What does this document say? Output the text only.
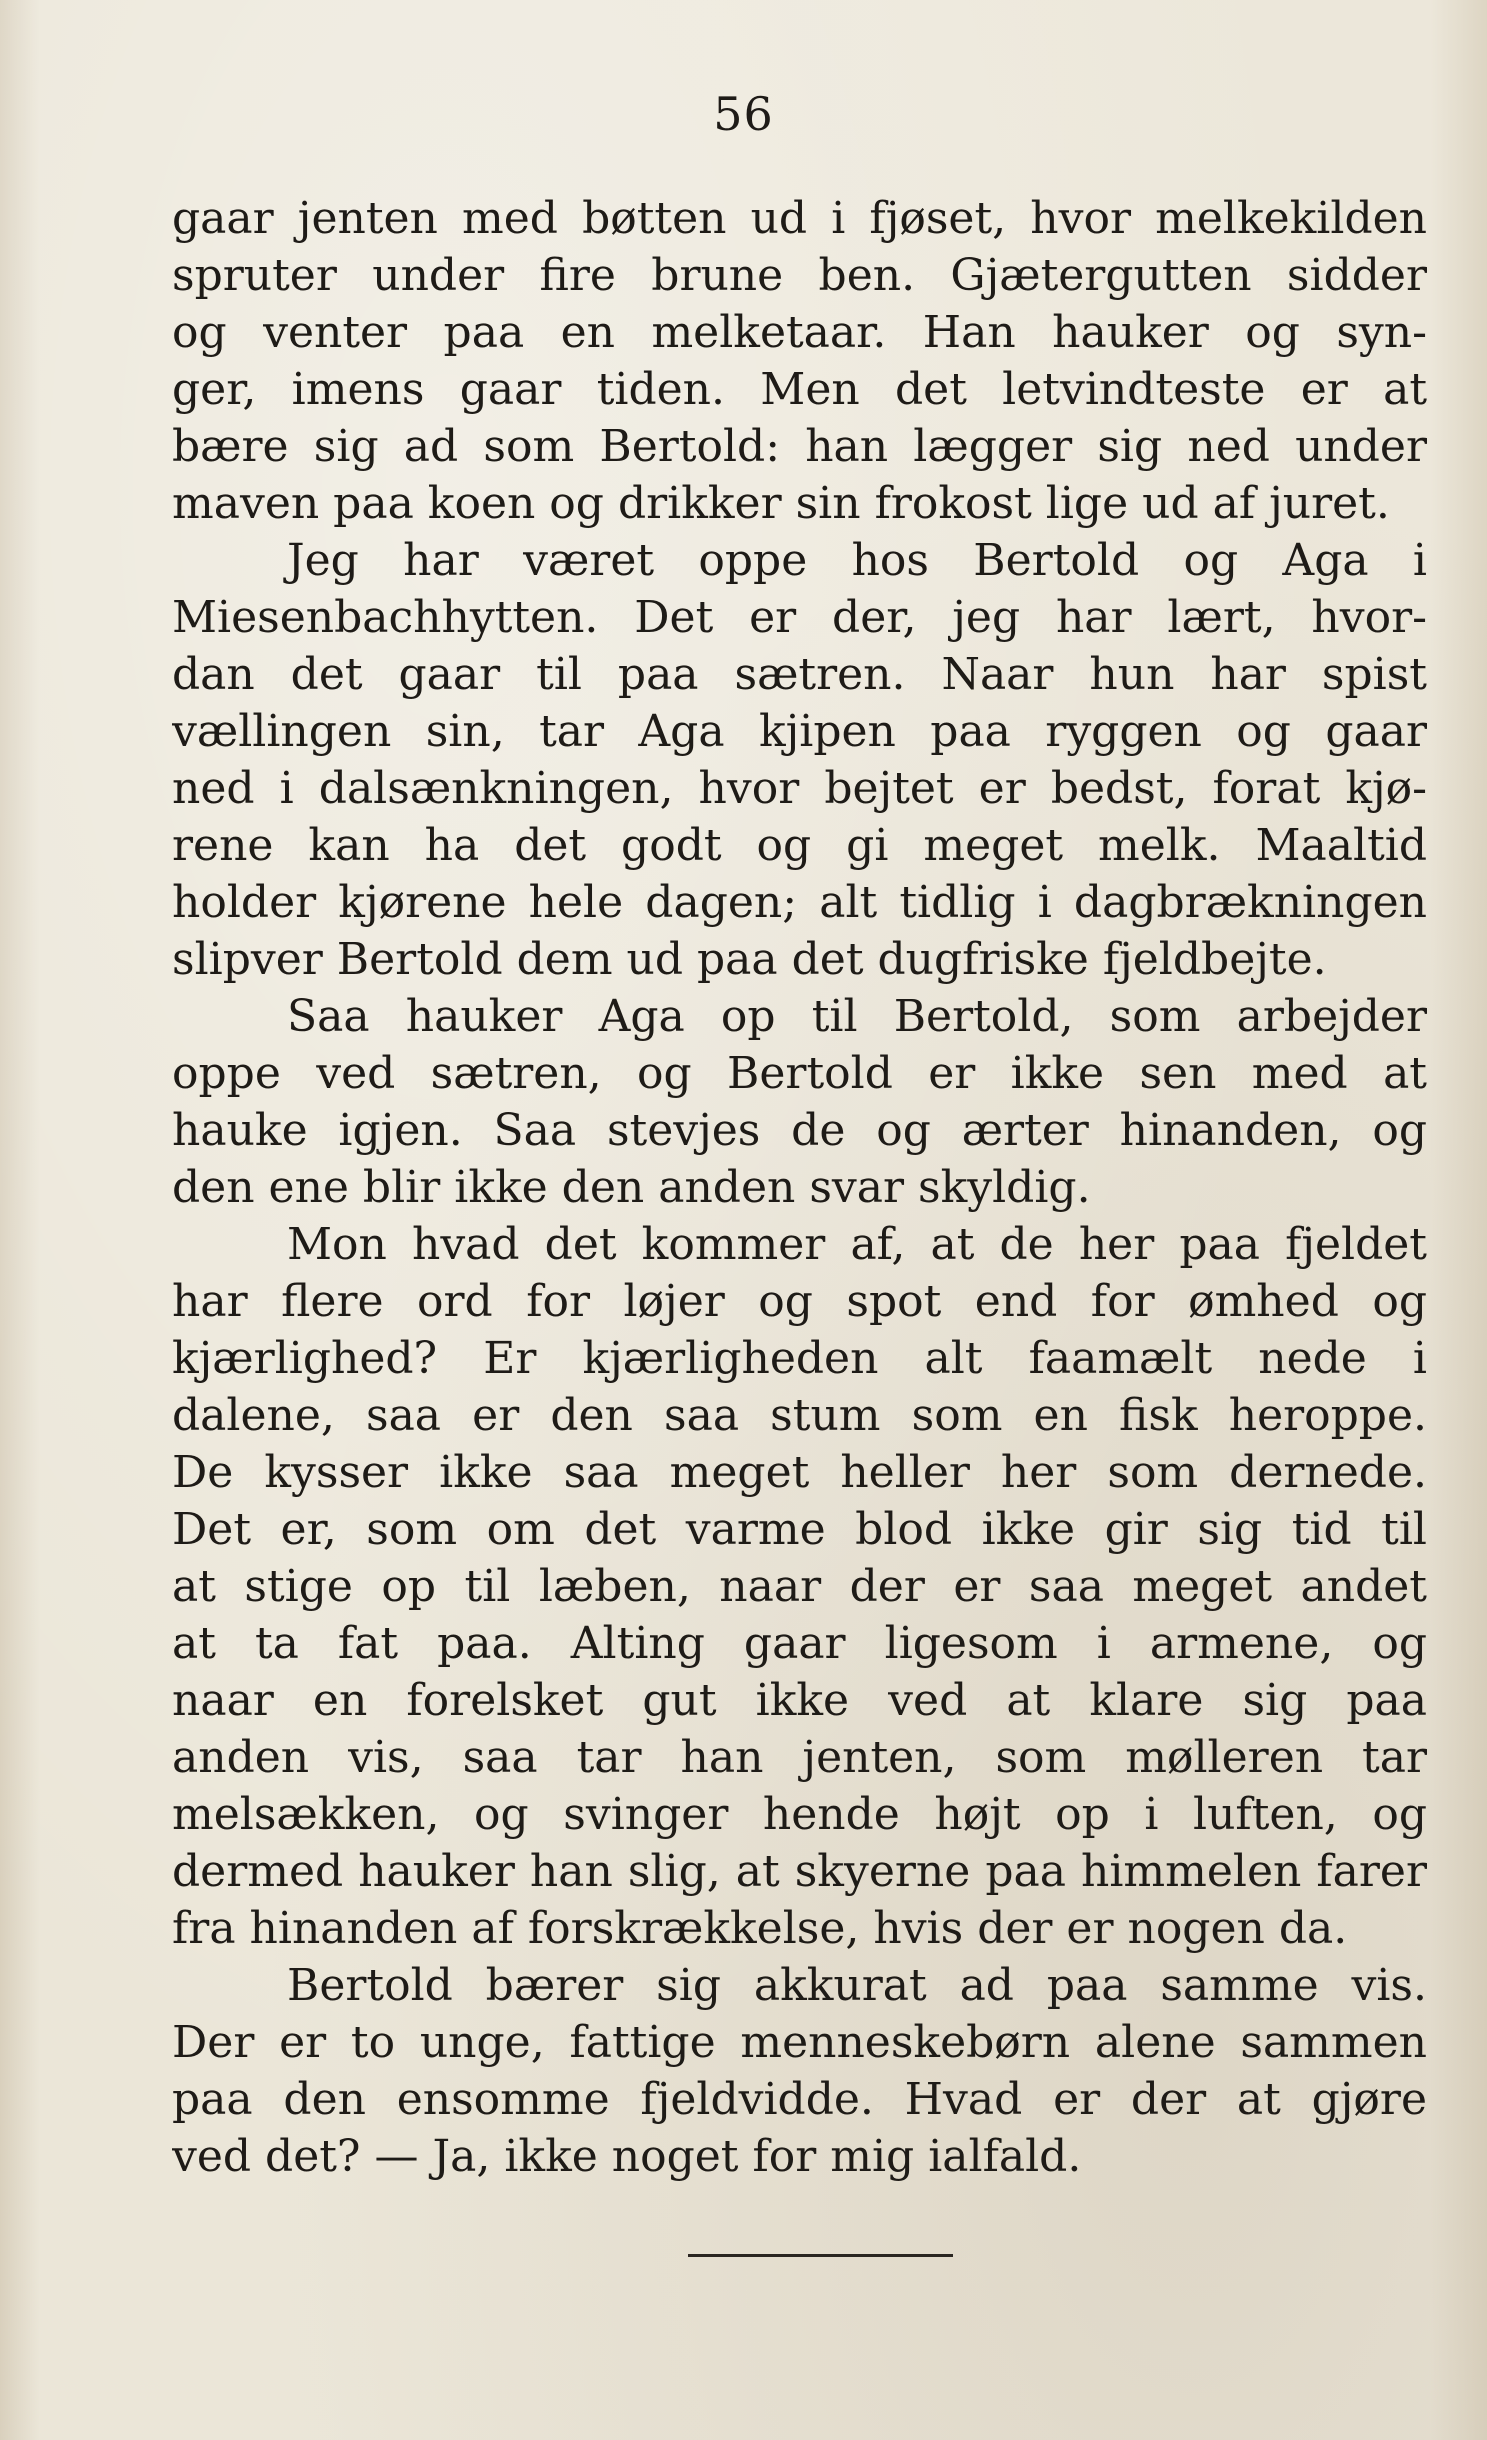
56
gaar jenten med bøtten ud i fjøset, hvor melkekilden
spruter under fire brune ben. Gjætergutten sidder
og venter paa en melketaar. Han hauker og syn-
ger, imens gaar tiden. Men det letvindteste er at
bære sig ad som Bertold: han lægger sig ned under
maven paa koen og drikker sin frokost lige ud af juret.
Jeg har været oppe hos Bertold og Aga i
Miesenbachhytten. Det er der, jeg har lært, hvor-
dan det gaar til paa sætren. Naar hun har spist
vællingen sin, tar Aga kjipen paa ryggen og gaar
ned i dalsænkningen, hvor bejtet er bedst, forat kjø-
rene kan ha det godt og gi meget melk. Maaltid
holder kjørene hele dagen; alt tidlig i dagbrækningen
slipver Bertold dem ud paa det dugfriske fjeldbejte.
Saa hauker Aga op til Bertold, som arbejder
oppe ved sætren, og Bertold er ikke sen med at
hauke igjen. Saa stevjes de og ærter hinanden, og
den ene blir ikke den anden svar skyldig.
Mon hvad det kommer af, at de her paa fjeldet
har flere ord for løjer og spot end for ømhed og
kjærlighed? Er kjærligheden alt faamælt nede i
dalene, saa er den saa stum som en fisk heroppe.
De kysser ikke saa meget heller her som dernede.
Det er, som om det varme blod ikke gir sig tid til
at stige op til læben, naar der er saa meget andet
at ta fat paa. Alting gaar ligesom i armene, og
naar en forelsket gut ikke ved at klare sig paa
anden vis, saa tar han jenten, som mølleren tar
melsækken, og svinger hende højt op i luften, og
dermed hauker han slig, at skyerne paa himmelen farer
fra hinanden af forskrækkelse, hvis der er nogen da.
Bertold bærer sig akkurat ad paa samme vis.
Der er to unge, fattige menneskebørn alene sammen
paa den ensomme fjeldvidde. Hvad er der at gjøre
ved det? — Ja, ikke noget for mig ialfald.
